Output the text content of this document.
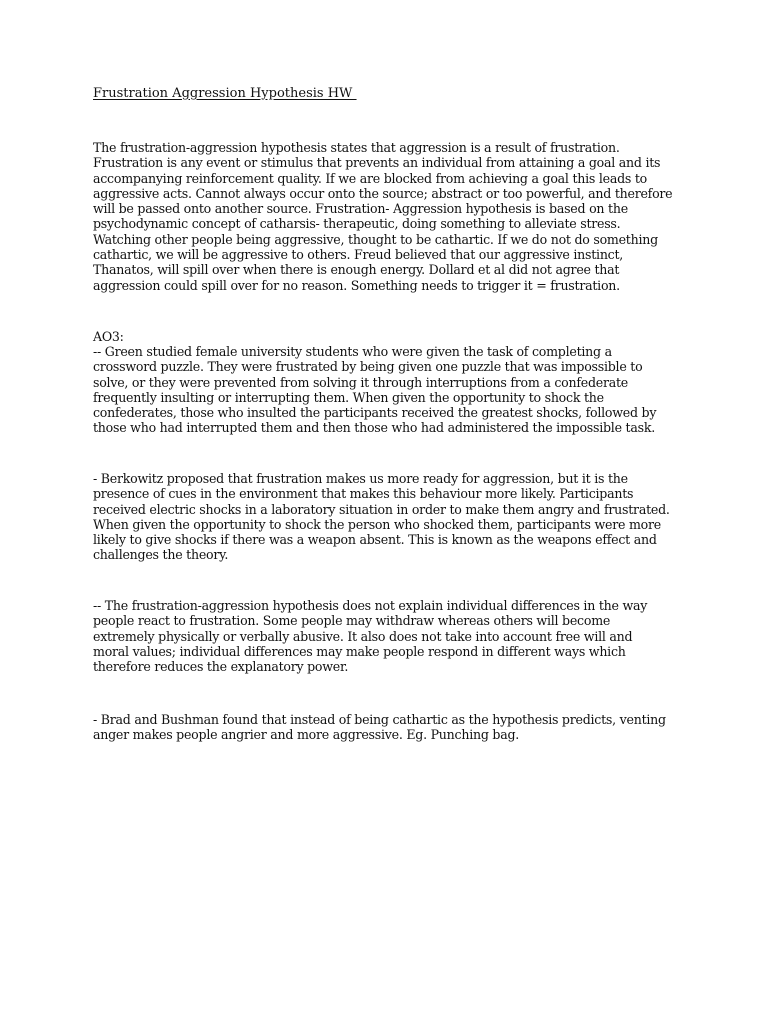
Frustration Aggression Hypothesis HW

The frustration-aggression hypothesis states that aggression is a result of frustration.
Frustration is any event or stimulus that prevents an individual from attaining a goal and its
accompanying reinforcement quality. If we are blocked from achieving a goal this leads to
aggressive acts. Cannot always occur onto the source; abstract or too powerful, and therefore
will be passed onto another source. Frustration- Aggression hypothesis is based on the
psychodynamic concept of catharsis- therapeutic, doing something to alleviate stress.
Watching other people being aggressive, thought to be cathartic. If we do not do something
cathartic, we will be aggressive to others. Freud believed that our aggressive instinct,
Thanatos, will spill over when there is enough energy. Dollard et al did not agree that
aggression could spill over for no reason. Something needs to trigger it = frustration.

AO3:

-- Green studied female university students who were given the task of completing a
crossword puzzle. They were frustrated by being given one puzzle that was impossible to
solve, or they were prevented from solving it through interruptions from a confederate
frequently insulting or interrupting them. When given the opportunity to shock the
confederates, those who insulted the participants received the greatest shocks, followed by
those who had interrupted them and then those who had administered the impossible task.

- Berkowitz proposed that frustration makes us more ready for aggression, but it is the
presence of cues in the environment that makes this behaviour more likely. Participants
received electric shocks in a laboratory situation in order to make them angry and frustrated.
When given the opportunity to shock the person who shocked them, participants were more
likely to give shocks if there was a weapon absent. This is known as the weapons effect and
challenges the theory.

-- The frustration-aggression hypothesis does not explain individual differences in the way
people react to frustration. Some people may withdraw whereas others will become
extremely physically or verbally abusive. It also does not take into account free will and
moral values; individual differences may make people respond in different ways which
therefore reduces the explanatory power.

- Brad and Bushman found that instead of being cathartic as the hypothesis predicts, venting
anger makes people angrier and more aggressive. Eg. Punching bag.
